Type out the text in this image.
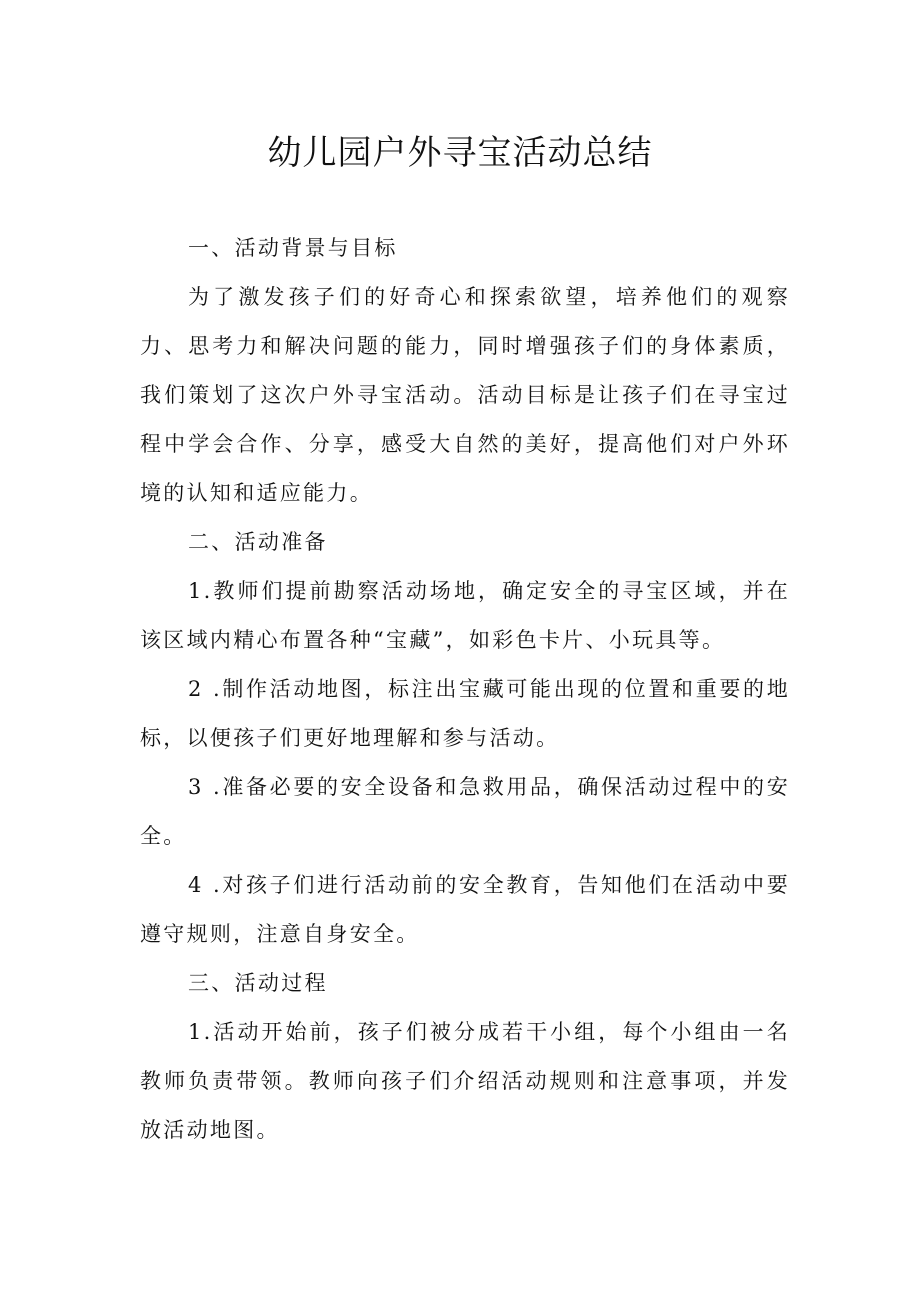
幼儿园户外寻宝活动总结

一、活动背景与目标

为了激发孩子们的好奇心和探索欲望，培养他们的观察力、思考力和解决问题的能力，同时增强孩子们的身体素质，我们策划了这次户外寻宝活动。活动目标是让孩子们在寻宝过程中学会合作、分享，感受大自然的美好，提高他们对户外环境的认知和适应能力。

二、活动准备

1.教师们提前勘察活动场地，确定安全的寻宝区域，并在该区域内精心布置各种“宝藏”，如彩色卡片、小玩具等。

2 .制作活动地图，标注出宝藏可能出现的位置和重要的地标，以便孩子们更好地理解和参与活动。

3 .准备必要的安全设备和急救用品，确保活动过程中的安全。

4 .对孩子们进行活动前的安全教育，告知他们在活动中要遵守规则，注意自身安全。

三、活动过程

1.活动开始前，孩子们被分成若干小组，每个小组由一名教师负责带领。教师向孩子们介绍活动规则和注意事项，并发放活动地图。
